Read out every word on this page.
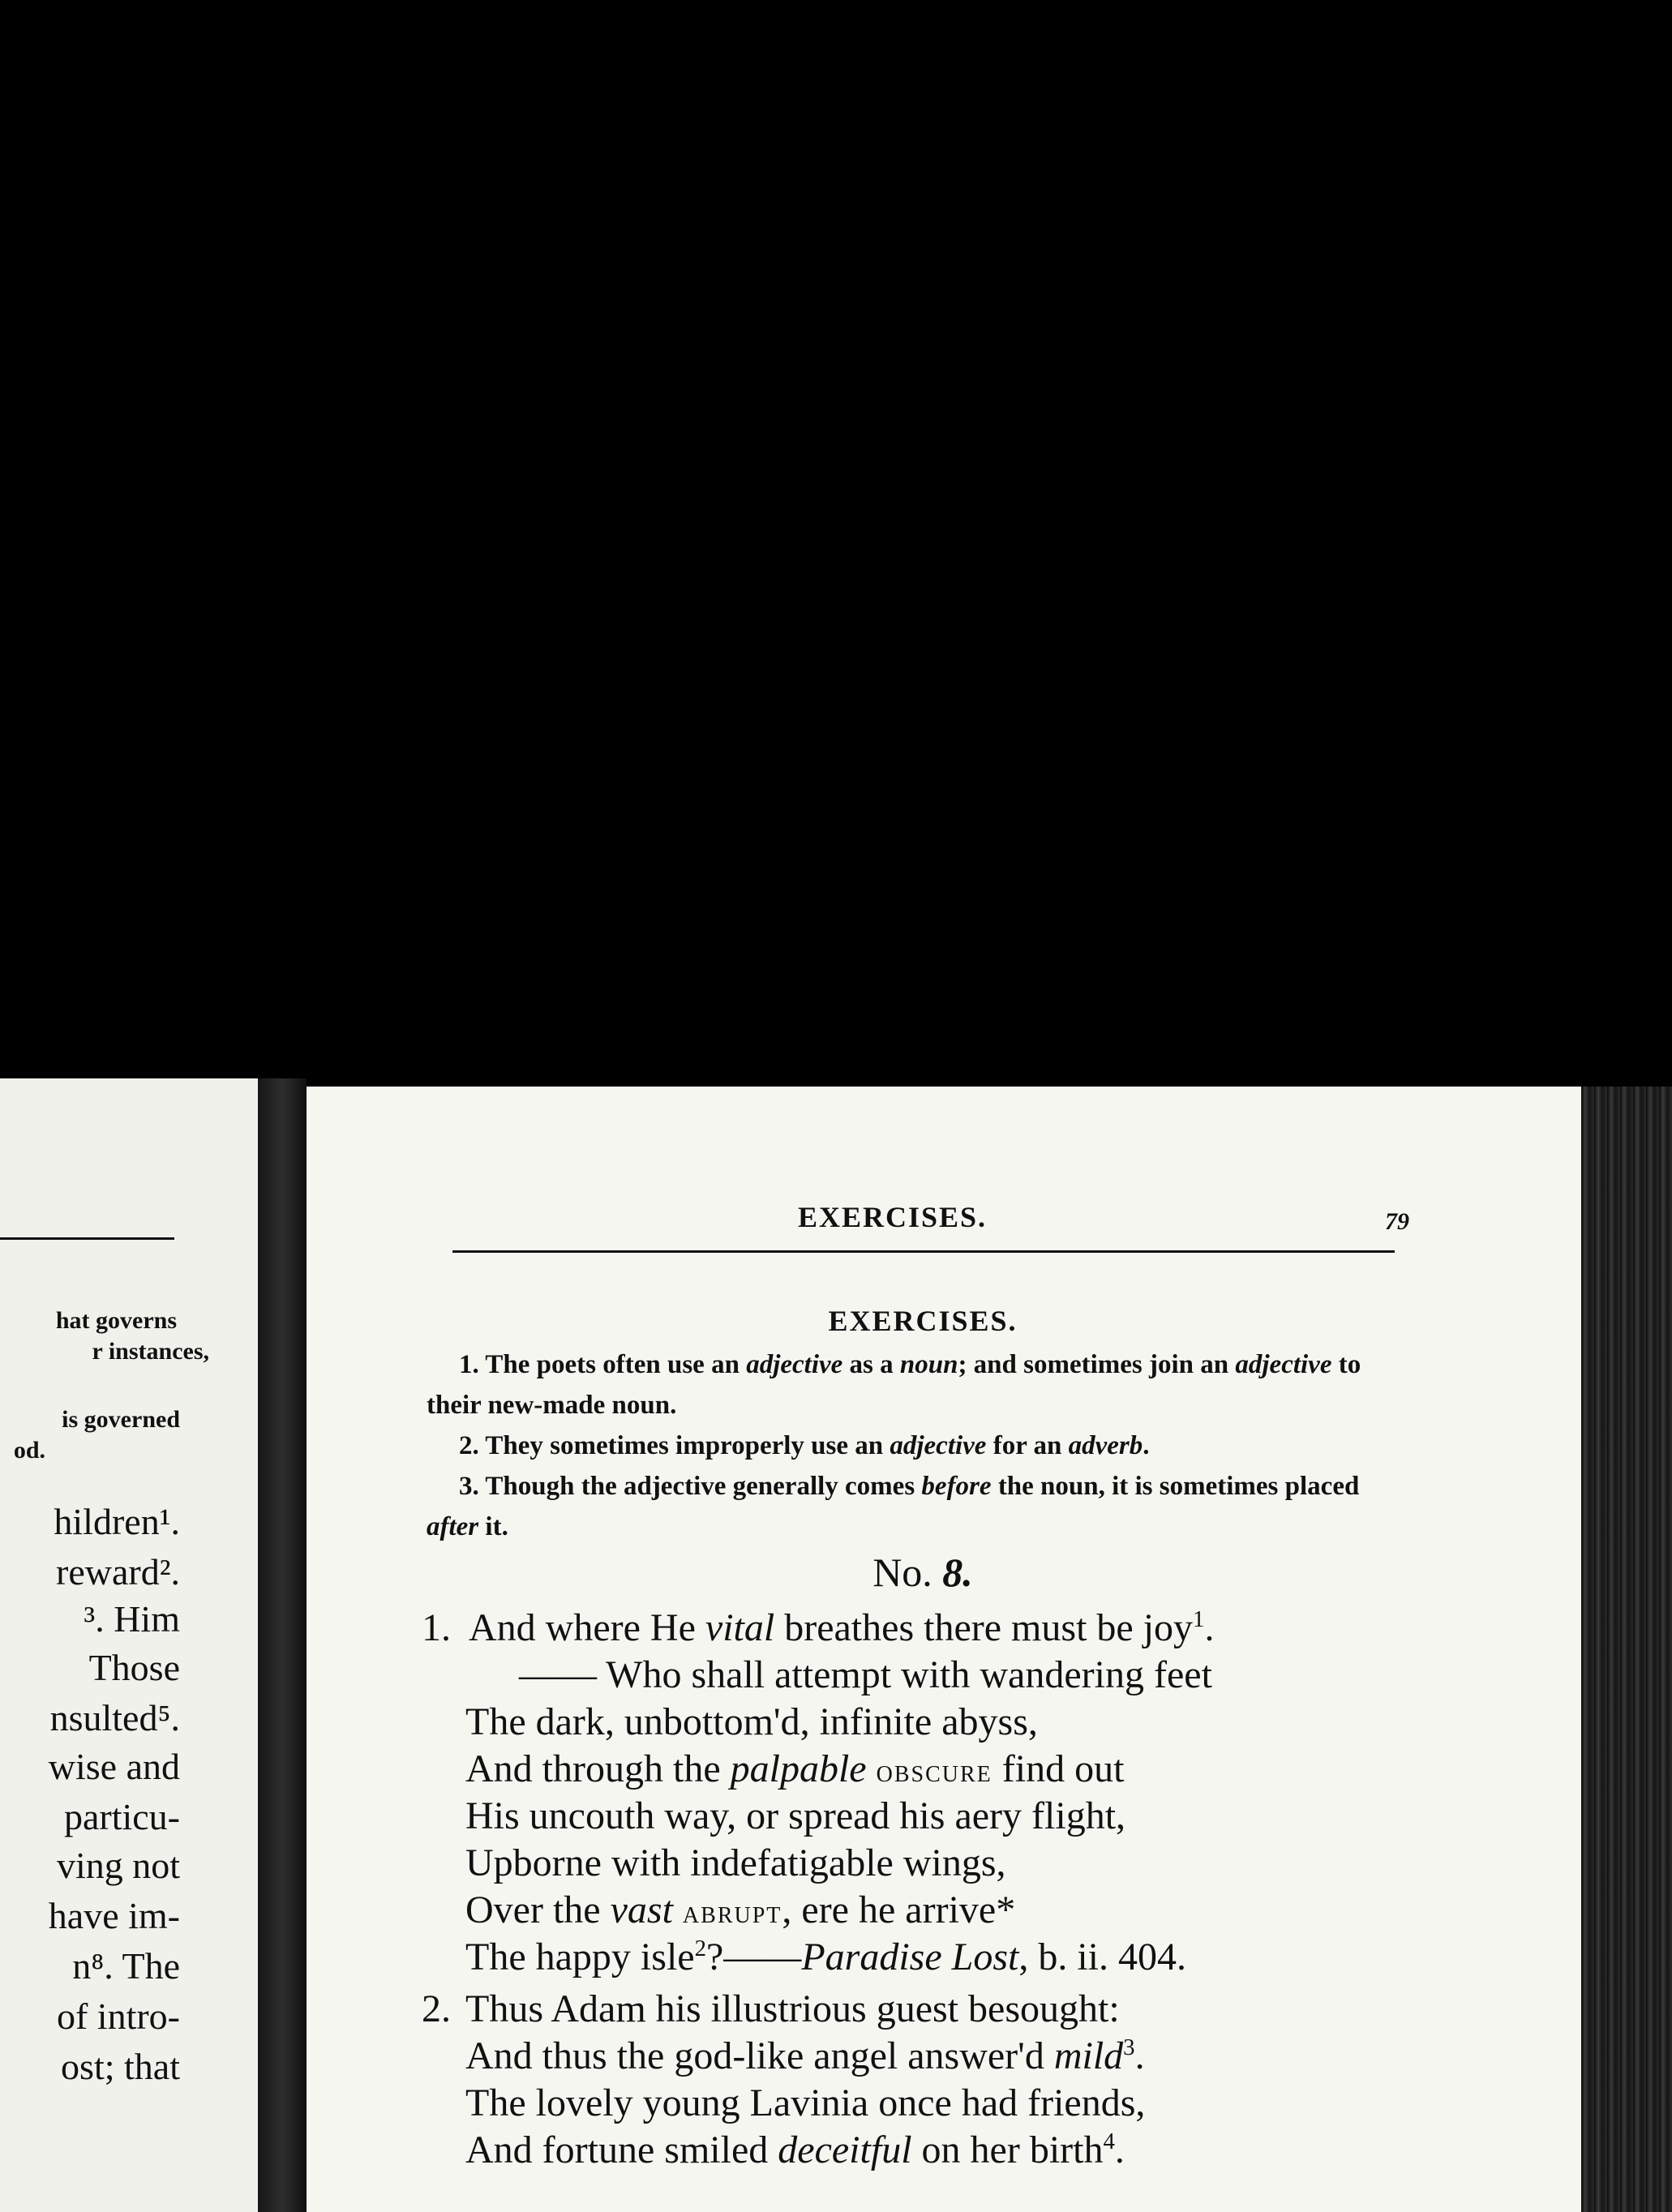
hat governs
r instances,
is governed
od.
hildren¹.
reward².
³. Him
Those
nsulted⁵.
wise and
particu-
ving not
have im-
n⁸. The
of intro-
ost; that
EXERCISES.	79
EXERCISES.

1. The poets often use an adjective as a noun; and sometimes join an adjective to their new-made noun.

2. They sometimes improperly use an adjective for an adverb.

3. Though the adjective generally comes before the noun, it is sometimes placed after it.

No. 8.
1. And where He vital breathes there must be joy$^1$.
—— Who shall attempt with wandering feet
The dark, unbottom'd, infinite abyss,
And through the palpable obscure find out
His uncouth way, or spread his aery flight,
Upborne with indefatigable wings,
Over the vast abrupt, ere he arrive*
The happy isle$^2$?——Paradise Lost, b. ii. 404.
2. Thus Adam his illustrious guest besought:
And thus the god-like angel answer'd mild$^3$.
The lovely young Lavinia once had friends,
And fortune smiled deceitful on her birth$^4$.
